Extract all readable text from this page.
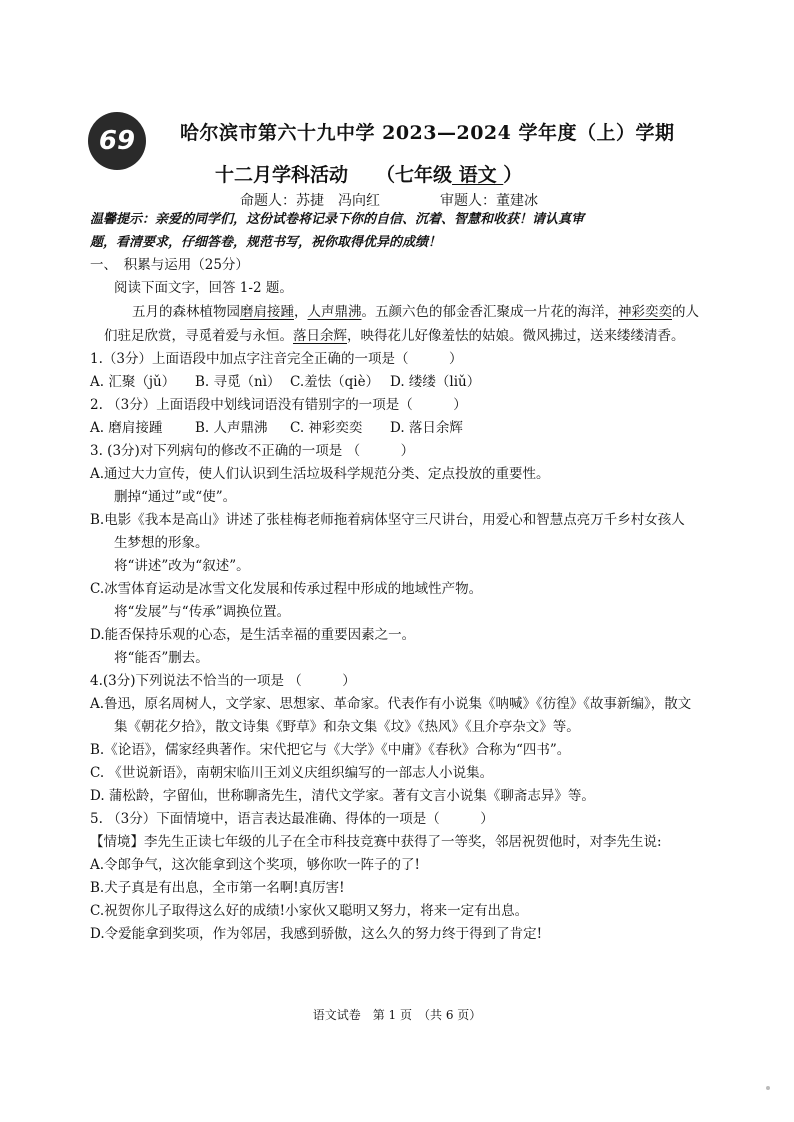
69 哈尔滨市第六十九中学 2023—2024 学年度（上）学期
十二月学科活动 （七年级 语文 ）
命题人：苏捷 冯向红	审题人：董建冰
温馨提示：亲爱的同学们，这份试卷将记录下你的自信、沉着、智慧和收获！请认真审
题，看清要求，仔细答卷，规范书写，祝你取得优异的成绩！
一、　积累与运用（25分）
阅读下面文字，回答 1-2 题。
五月的森林植物园磨肩接踵，人声鼎沸。五颜六色的郁金香汇聚成一片花的海洋，神彩奕奕的人们驻足欣赏，寻觅着爱与永恒。落日余辉，映得花儿好像羞怯的姑娘。微风拂过，送来缕缕清香。
1.（3分）上面语段中加点字注音完全正确的一项是（　　　）
A. 汇聚（jǔ） B. 寻觅（nì） C.羞怯（qiè） D. 缕缕（liǔ）
2. （3分）上面语段中划线词语没有错别字的一项是（　　　）
A. 磨肩接踵 B. 人声鼎沸 C. 神彩奕奕 D. 落日余辉
3. (3分)对下列病句的修改不正确的一项是 （　　　）
A.通过大力宣传，使人们认识到生活垃圾科学规范分类、定点投放的重要性。
删掉“通过”或“使”。
B.电影《我本是高山》讲述了张桂梅老师拖着病体坚守三尺讲台，用爱心和智慧点亮万千乡村女孩人
生梦想的形象。
将“讲述”改为“叙述”。
C.冰雪体育运动是冰雪文化发展和传承过程中形成的地域性产物。
将“发展”与“传承”调换位置。
D.能否保持乐观的心态，是生活幸福的重要因素之一。
将“能否”删去。
4.(3分)下列说法不恰当的一项是 （　　　）
A.鲁迅，原名周树人，文学家、思想家、革命家。代表作有小说集《呐喊》《彷徨》《故事新编》，散文
集《朝花夕拾》，散文诗集《野草》和杂文集《坟》《热风》《且介亭杂文》等。
B.《论语》，儒家经典著作。宋代把它与《大学》《中庸》《春秋》合称为“四书”。
C. 《世说新语》，南朝宋临川王刘义庆组织编写的一部志人小说集。
D. 蒲松龄，字留仙，世称聊斋先生，清代文学家。著有文言小说集《聊斋志异》等。
5. （3分）下面情境中，语言表达最准确、得体的一项是（　　　）
【情境】李先生正读七年级的儿子在全市科技竞赛中获得了一等奖，邻居祝贺他时，对李先生说:
A.令郎争气，这次能拿到这个奖项，够你吹一阵子的了!
B.犬子真是有出息，全市第一名啊!真厉害!
C.祝贺你儿子取得这么好的成绩!小家伙又聪明又努力，将来一定有出息。
D.令爱能拿到奖项，作为邻居，我感到骄傲，这么久的努力终于得到了肯定!
语文试卷　第 1 页　（共 6 页）
